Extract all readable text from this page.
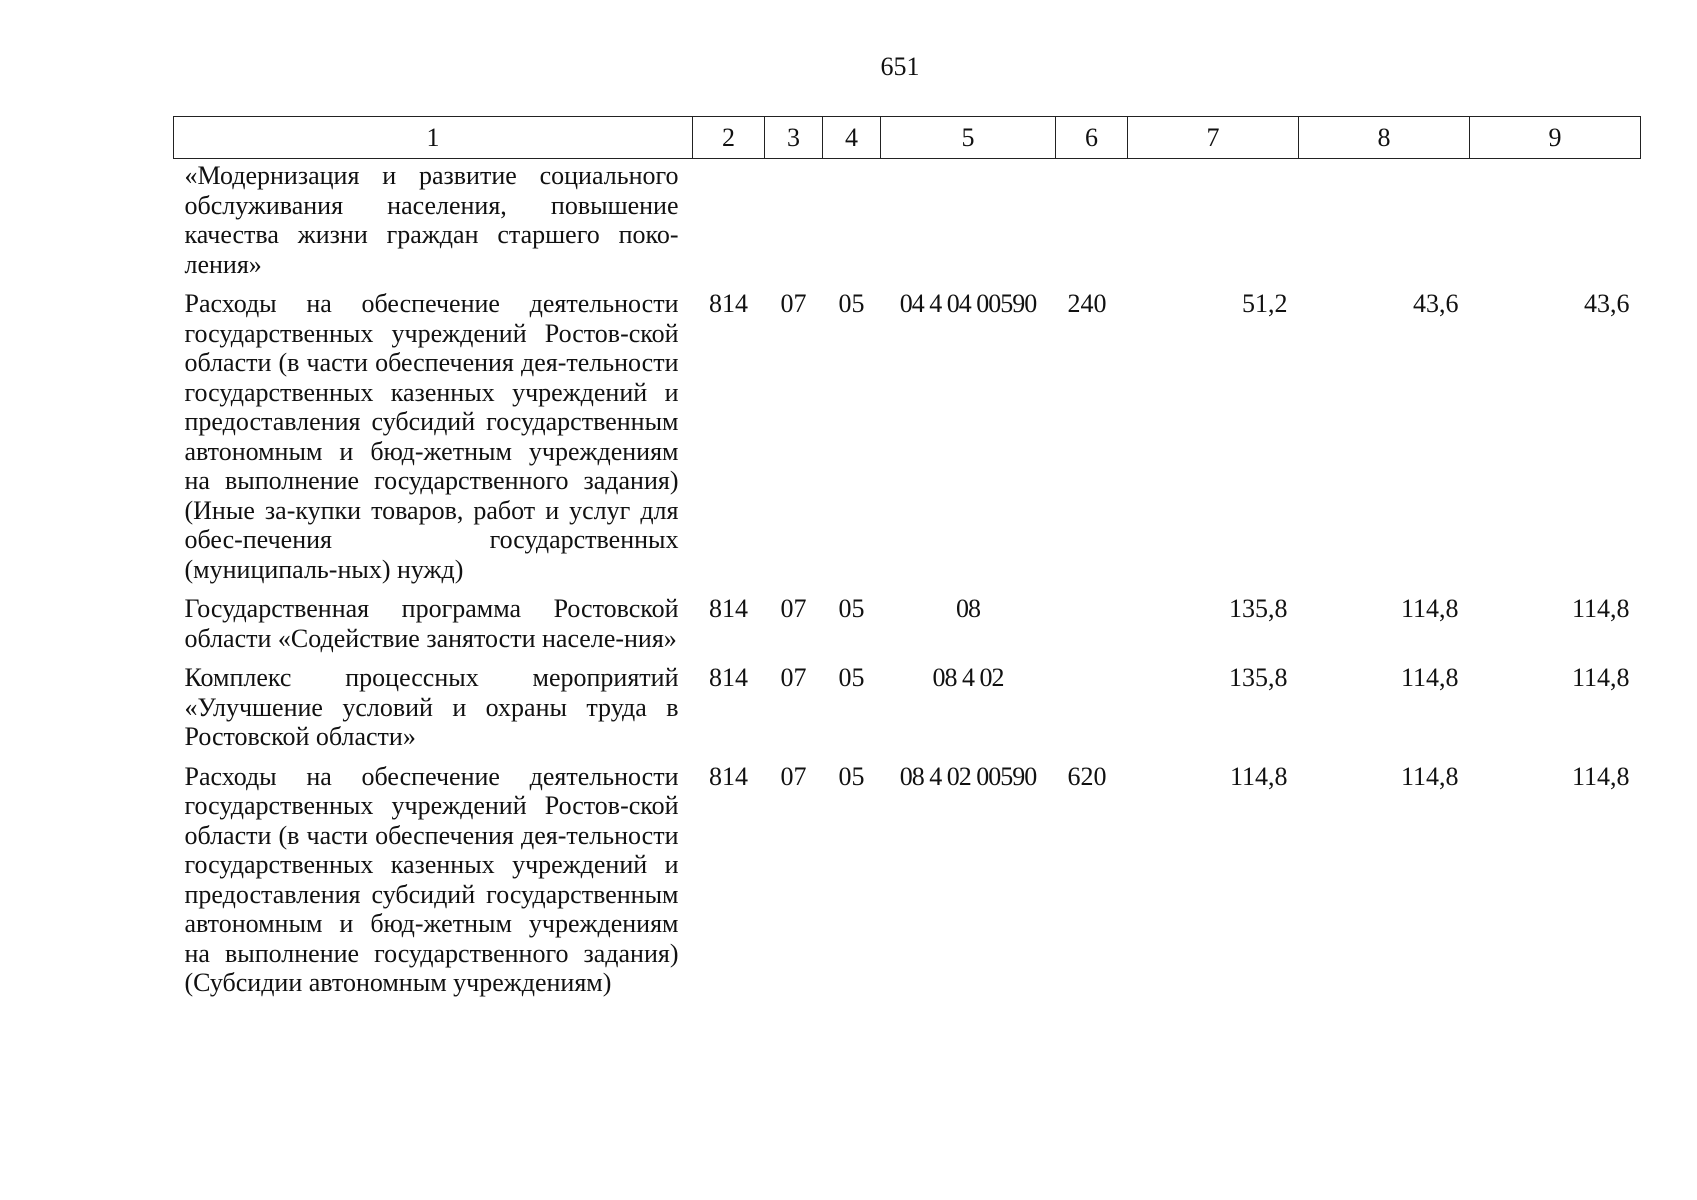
651
1	2	3	4	5	6	7	8	9
«Модернизация и развитие социального обслуживания населения, повышение качества жизни граждан старшего поко-ления»								
Расходы на обеспечение деятельности государственных учреждений Ростов-ской области (в части обеспечения дея-тельности государственных казенных учреждений и предоставления субсидий государственным автономным и бюд-жетным учреждениям на выполнение государственного задания) (Иные за-купки товаров, работ и услуг для обес-печения государственных (муниципаль-ных) нужд)	814	07	05	04 4 04 00590	240	51,2	43,6	43,6
Государственная программа Ростовской области «Содействие занятости населе-ния»	814	07	05	08		135,8	114,8	114,8
Комплекс процессных мероприятий «Улучшение условий и охраны труда в Ростовской области»	814	07	05	08 4 02		135,8	114,8	114,8
Расходы на обеспечение деятельности государственных учреждений Ростов-ской области (в части обеспечения дея-тельности государственных казенных учреждений и предоставления субсидий государственным автономным и бюд-жетным учреждениям на выполнение государственного задания) (Субсидии автономным учреждениям)	814	07	05	08 4 02 00590	620	114,8	114,8	114,8
